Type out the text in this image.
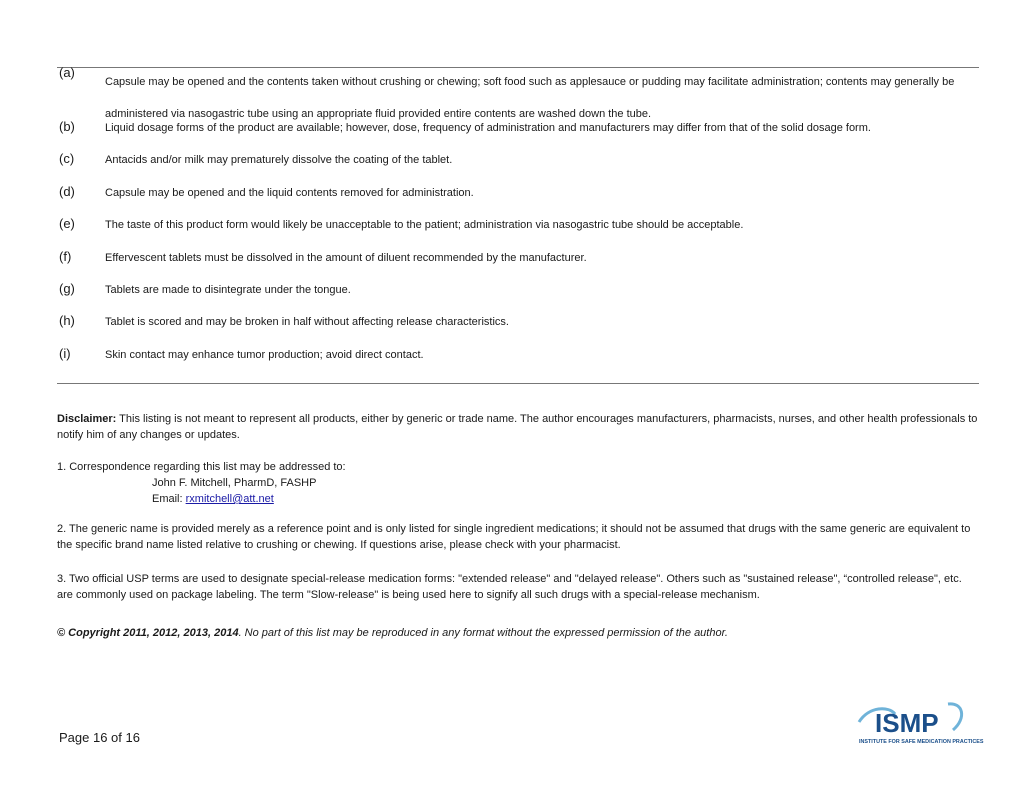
(a)
Capsule may be opened and the contents taken without crushing or chewing; soft food such as applesauce or pudding may facilitate administration; contents may generally be administered via nasogastric tube using an appropriate fluid provided entire contents are washed down the tube.
(b)	Liquid dosage forms of the product are available; however, dose, frequency of administration and manufacturers may differ from that of the solid dosage form.
(c)	Antacids and/or milk may prematurely dissolve the coating of the tablet.
(d)	Capsule may be opened and the liquid contents removed for administration.
(e)	The taste of this product form would likely be unacceptable to the patient; administration via nasogastric tube should be acceptable.
(f)	Effervescent tablets must be dissolved in the amount of diluent recommended by the manufacturer.
(g)	Tablets are made to disintegrate under the tongue.
(h)	Tablet is scored and may be broken in half without affecting release characteristics.
(i)	Skin contact may enhance tumor production; avoid direct contact.
Disclaimer: This listing is not meant to represent all products, either by generic or trade name. The author encourages manufacturers, pharmacists, nurses, and other health professionals to notify him of any changes or updates.
1. Correspondence regarding this list may be addressed to:
John F. Mitchell, PharmD, FASHP
Email: rxmitchell@att.net
2. The generic name is provided merely as a reference point and is only listed for single ingredient medications; it should not be assumed that drugs with the same generic are equivalent to the specific brand name listed relative to crushing or chewing. If questions arise, please check with your pharmacist.
3. Two official USP terms are used to designate special-release medication forms: "extended release" and "delayed release". Others such as "sustained release", “controlled release", etc. are commonly used on package labeling. The term "Slow-release" is being used here to signify all such drugs with a special-release mechanism.
© Copyright 2011, 2012, 2013, 2014. No part of this list may be reproduced in any format without the expressed permission of the author.
Page 16 of 16	ISMP
INSTITUTE FOR SAFE MEDICATION PRACTICES
